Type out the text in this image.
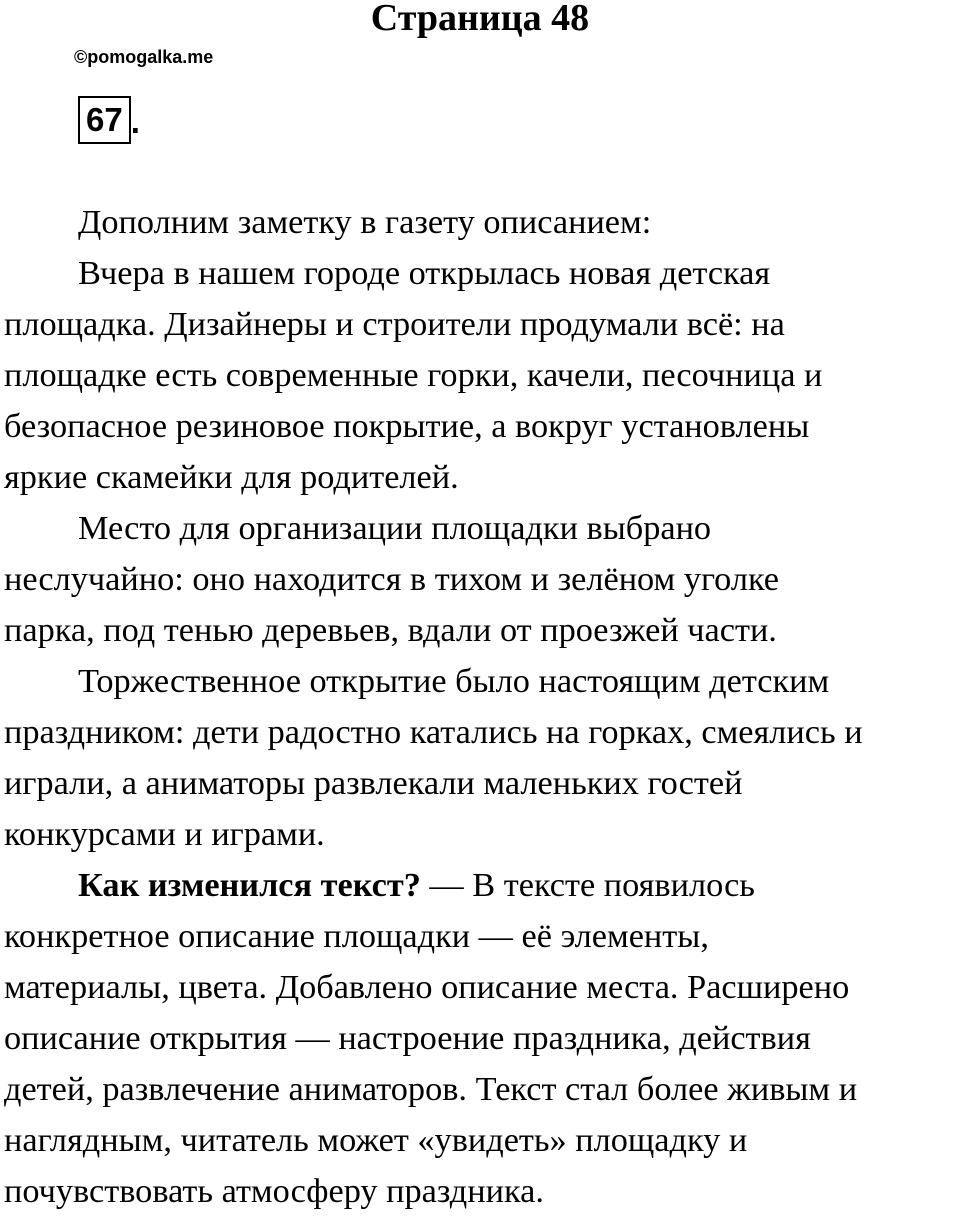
Страница 48
©pomogalka.me
67 .
Дополним заметку в газету описанием:
Вчера в нашем городе открылась новая детская
площадка. Дизайнеры и строители продумали всё: на
площадке есть современные горки, качели, песочница и
безопасное резиновое покрытие, а вокруг установлены
яркие скамейки для родителей.
Место для организации площадки выбрано
неслучайно: оно находится в тихом и зелёном уголке
парка, под тенью деревьев, вдали от проезжей части.
Торжественное открытие было настоящим детским
праздником: дети радостно катались на горках, смеялись и
играли, а аниматоры развлекали маленьких гостей
конкурсами и играми.
Как изменился текст? — В тексте появилось
конкретное описание площадки — её элементы,
материалы, цвета. Добавлено описание места. Расширено
описание открытия — настроение праздника, действия
детей, развлечение аниматоров. Текст стал более живым и
наглядным, читатель может «увидеть» площадку и
почувствовать атмосферу праздника.
